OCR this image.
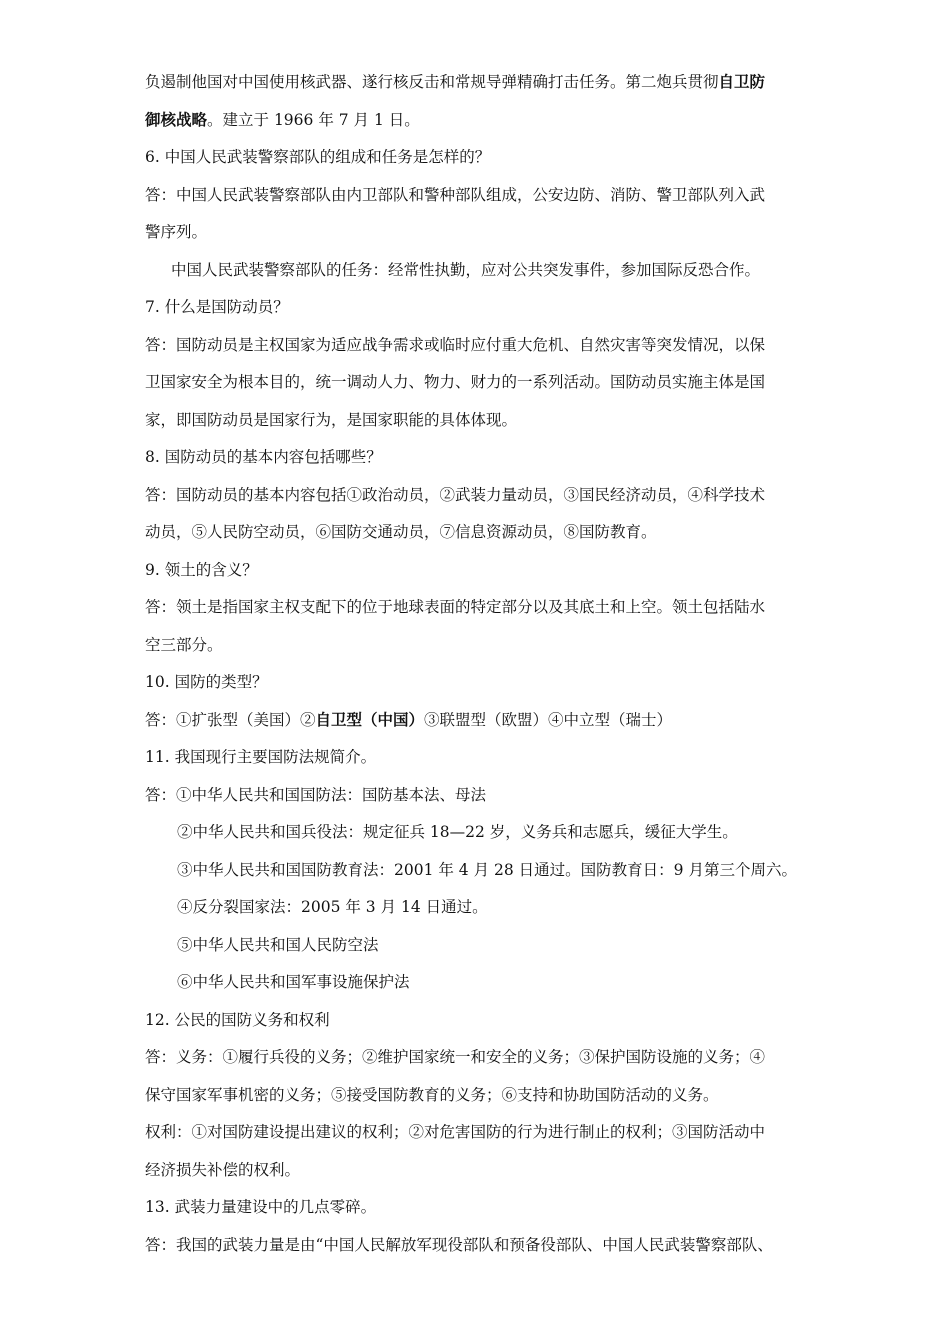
负遏制他国对中国使用核武器、遂行核反击和常规导弹精确打击任务。第二炮兵贯彻自卫防
御核战略。建立于 1966 年 7 月 1 日。
6. 中国人民武装警察部队的组成和任务是怎样的？
答：中国人民武装警察部队由内卫部队和警种部队组成，公安边防、消防、警卫部队列入武
警序列。
中国人民武装警察部队的任务：经常性执勤，应对公共突发事件，参加国际反恐合作。
7. 什么是国防动员？
答：国防动员是主权国家为适应战争需求或临时应付重大危机、自然灾害等突发情况，以保
卫国家安全为根本目的，统一调动人力、物力、财力的一系列活动。国防动员实施主体是国
家，即国防动员是国家行为，是国家职能的具体体现。
8. 国防动员的基本内容包括哪些？
答：国防动员的基本内容包括①政治动员，②武装力量动员，③国民经济动员，④科学技术
动员，⑤人民防空动员，⑥国防交通动员，⑦信息资源动员，⑧国防教育。
9. 领土的含义？
答：领土是指国家主权支配下的位于地球表面的特定部分以及其底土和上空。领土包括陆水
空三部分。
10. 国防的类型？
答：①扩张型（美国）②自卫型（中国）③联盟型（欧盟）④中立型（瑞士）
11. 我国现行主要国防法规简介。
答：①中华人民共和国国防法：国防基本法、母法
②中华人民共和国兵役法：规定征兵 18—22 岁，义务兵和志愿兵，缓征大学生。
③中华人民共和国国防教育法：2001 年 4 月 28 日通过。国防教育日：9 月第三个周六。
④反分裂国家法：2005 年 3 月 14 日通过。
⑤中华人民共和国人民防空法
⑥中华人民共和国军事设施保护法
12. 公民的国防义务和权利
答：义务：①履行兵役的义务；②维护国家统一和安全的义务；③保护国防设施的义务；④
保守国家军事机密的义务；⑤接受国防教育的义务；⑥支持和协助国防活动的义务。
权利：①对国防建设提出建议的权利；②对危害国防的行为进行制止的权利；③国防活动中
经济损失补偿的权利。
13. 武装力量建设中的几点零碎。
答：我国的武装力量是由“中国人民解放军现役部队和预备役部队、中国人民武装警察部队、
